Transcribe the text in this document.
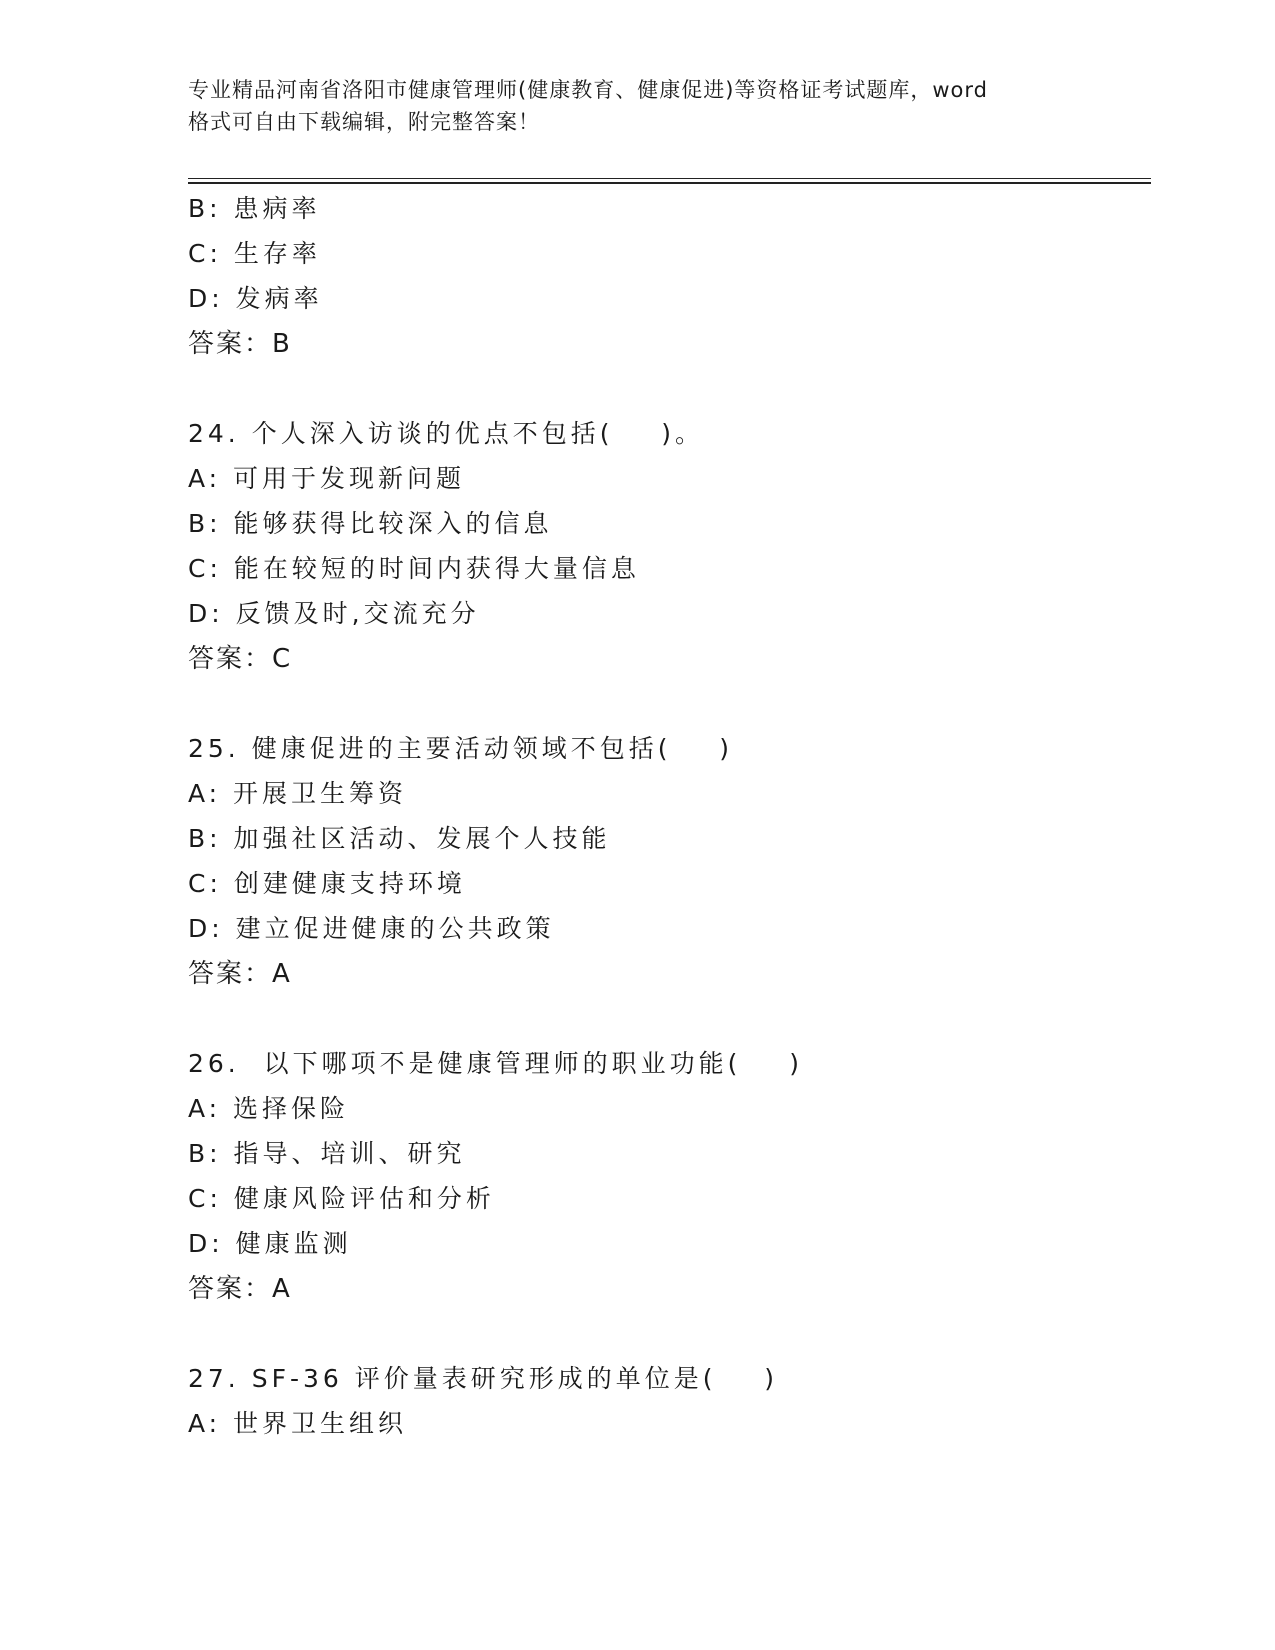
专业精品河南省洛阳市健康管理师(健康教育、健康促进)等资格证考试题库，word
格式可自由下载编辑，附完整答案！
B: 患病率
C: 生存率
D: 发病率
答案：B
24. 个人深入访谈的优点不包括(    )。
A: 可用于发现新问题
B: 能够获得比较深入的信息
C: 能在较短的时间内获得大量信息
D: 反馈及时,交流充分
答案：C
25. 健康促进的主要活动领域不包括(    )
A: 开展卫生筹资
B: 加强社区活动、发展个人技能
C: 创建健康支持环境
D: 建立促进健康的公共政策
答案：A
26.  以下哪项不是健康管理师的职业功能(    )
A: 选择保险
B: 指导、培训、研究
C: 健康风险评估和分析
D: 健康监测
答案：A
27. SF-36 评价量表研究形成的单位是(    )
A: 世界卫生组织
